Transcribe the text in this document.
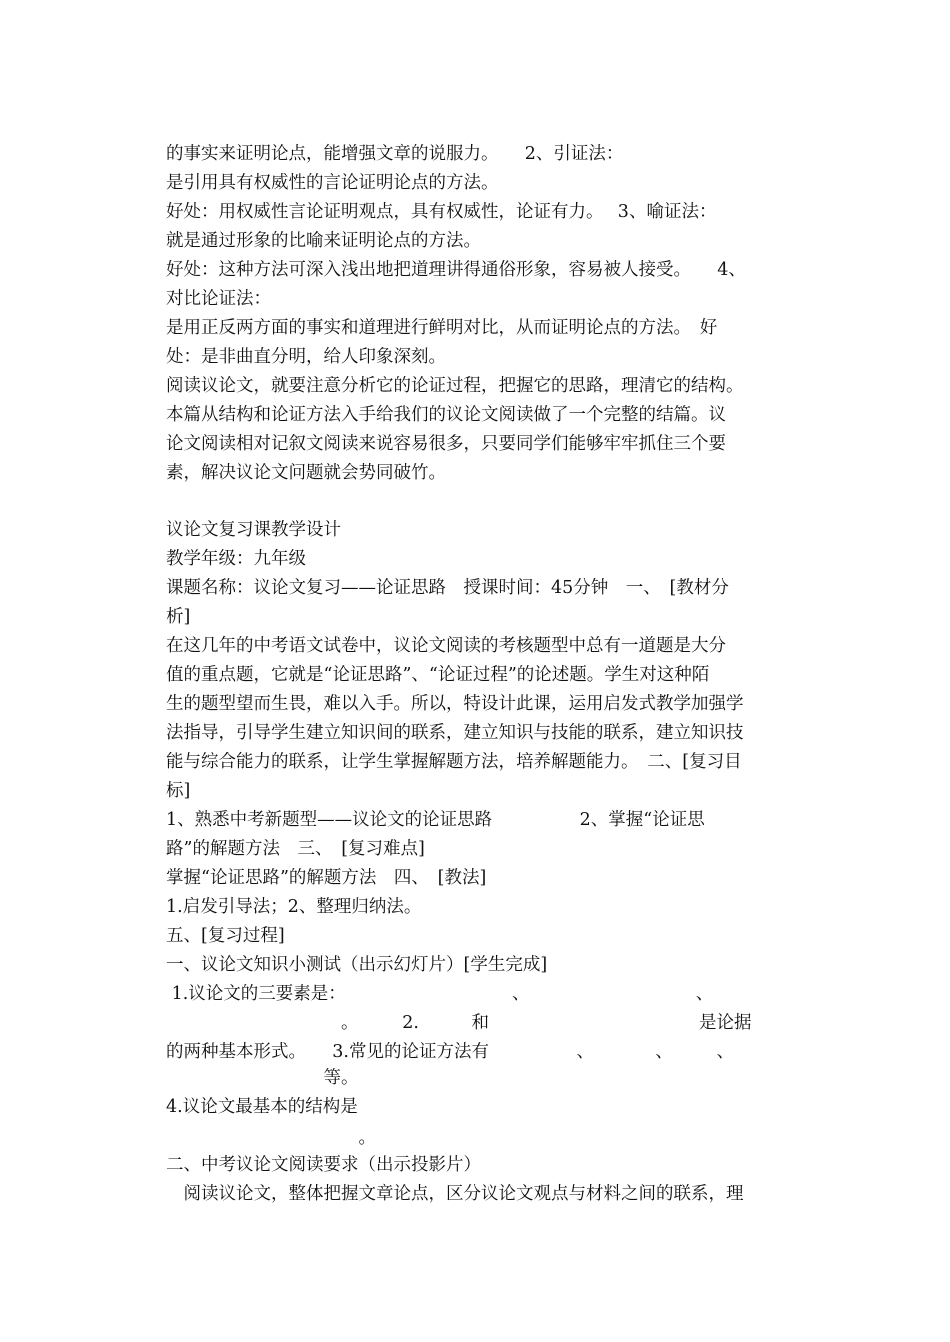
的事实来证明论点，能增强文章的说服力。　　2、引证法：
是引用具有权威性的言论证明论点的方法。
好处：用权威性言论证明观点，具有权威性，论证有力。　 3、喻证法：
就是通过形象的比喻来证明论点的方法。
好处：这种方法可深入浅出地把道理讲得通俗形象，容易被人接受。　　4、
对比论证法：
是用正反两方面的事实和道理进行鲜明对比，从而证明论点的方法。　好
处：是非曲直分明，给人印象深刻。
阅读议论文，就要注意分析它的论证过程，把握它的思路，理清它的结构。
本篇从结构和论证方法入手给我们的议论文阅读做了一个完整的结篇。议
论文阅读相对记叙文阅读来说容易很多，只要同学们能够牢牢抓住三个要
素，解决议论文问题就会势同破竹。
议论文复习课教学设计
教学年级：九年级
课题名称：议论文复习——论证思路　授课时间：45分钟　一、　[教材分
析]
在这几年的中考语文试卷中，议论文阅读的考核题型中总有一道题是大分
值的重点题，它就是“论证思路”、“论证过程”的论述题。学生对这种陌
生的题型望而生畏，难以入手。所以，特设计此课，运用启发式教学加强学
法指导，引导学生建立知识间的联系，建立知识与技能的联系，建立知识技
能与综合能力的联系，让学生掌握解题方法，培养解题能力。　二、[复习目
标]
1、熟悉中考新题型——议论文的论证思路　　　　　2、掌握“论证思
路”的解题方法　三、　[复习难点]
掌握“论证思路”的解题方法　四、　[教法]
1.启发引导法；2、整理归纳法。
五、[复习过程]
一、议论文知识小测试（出示幻灯片）[学生完成]
1.议论文的三要素是：　　　　　　　　　　、　　　　　　　　　　、
　　　　　　　　　　。　　　2.　　　和　　　　　　　　　　　　是论据
的两种基本形式。　　3.常见的论证方法有　　　　　、　　　　、　　　、
　　　　　　　　　等。
4.议论文最基本的结构是
　　　　　　　　　　　。
二、中考议论文阅读要求（出示投影片）
　阅读议论文，整体把握文章论点，区分议论文观点与材料之间的联系，理
